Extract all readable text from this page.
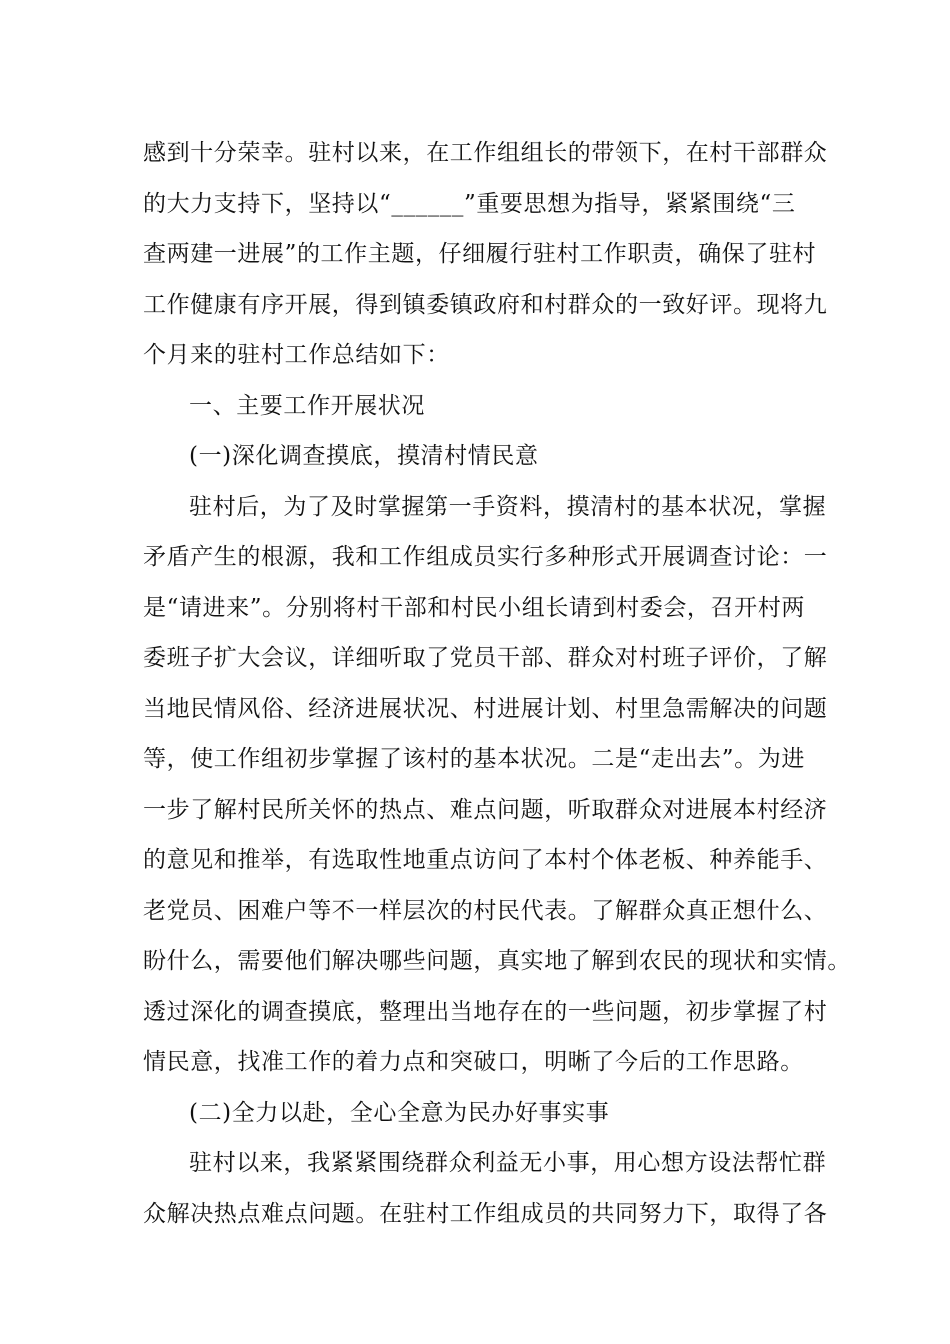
感到十分荣幸。驻村以来，在工作组组长的带领下，在村干部群众
的大力支持下，坚持以“______”重要思想为指导，紧紧围绕“三
查两建一进展”的工作主题，仔细履行驻村工作职责，确保了驻村
工作健康有序开展，得到镇委镇政府和村群众的一致好评。现将九
个月来的驻村工作总结如下：
一、主要工作开展状况
(一)深化调查摸底，摸清村情民意
驻村后，为了及时掌握第一手资料，摸清村的基本状况，掌握
矛盾产生的根源，我和工作组成员实行多种形式开展调查讨论：一
是“请进来”。分别将村干部和村民小组长请到村委会，召开村两
委班子扩大会议，详细听取了党员干部、群众对村班子评价，了解
当地民情风俗、经济进展状况、村进展计划、村里急需解决的问题
等，使工作组初步掌握了该村的基本状况。二是“走出去”。为进
一步了解村民所关怀的热点、难点问题，听取群众对进展本村经济
的意见和推举，有选取性地重点访问了本村个体老板、种养能手、
老党员、困难户等不一样层次的村民代表。了解群众真正想什么、
盼什么，需要他们解决哪些问题，真实地了解到农民的现状和实情。
透过深化的调查摸底，整理出当地存在的一些问题，初步掌握了村
情民意，找准工作的着力点和突破口，明晰了今后的工作思路。
(二)全力以赴，全心全意为民办好事实事
驻村以来，我紧紧围绕群众利益无小事，用心想方设法帮忙群
众解决热点难点问题。在驻村工作组成员的共同努力下，取得了各
